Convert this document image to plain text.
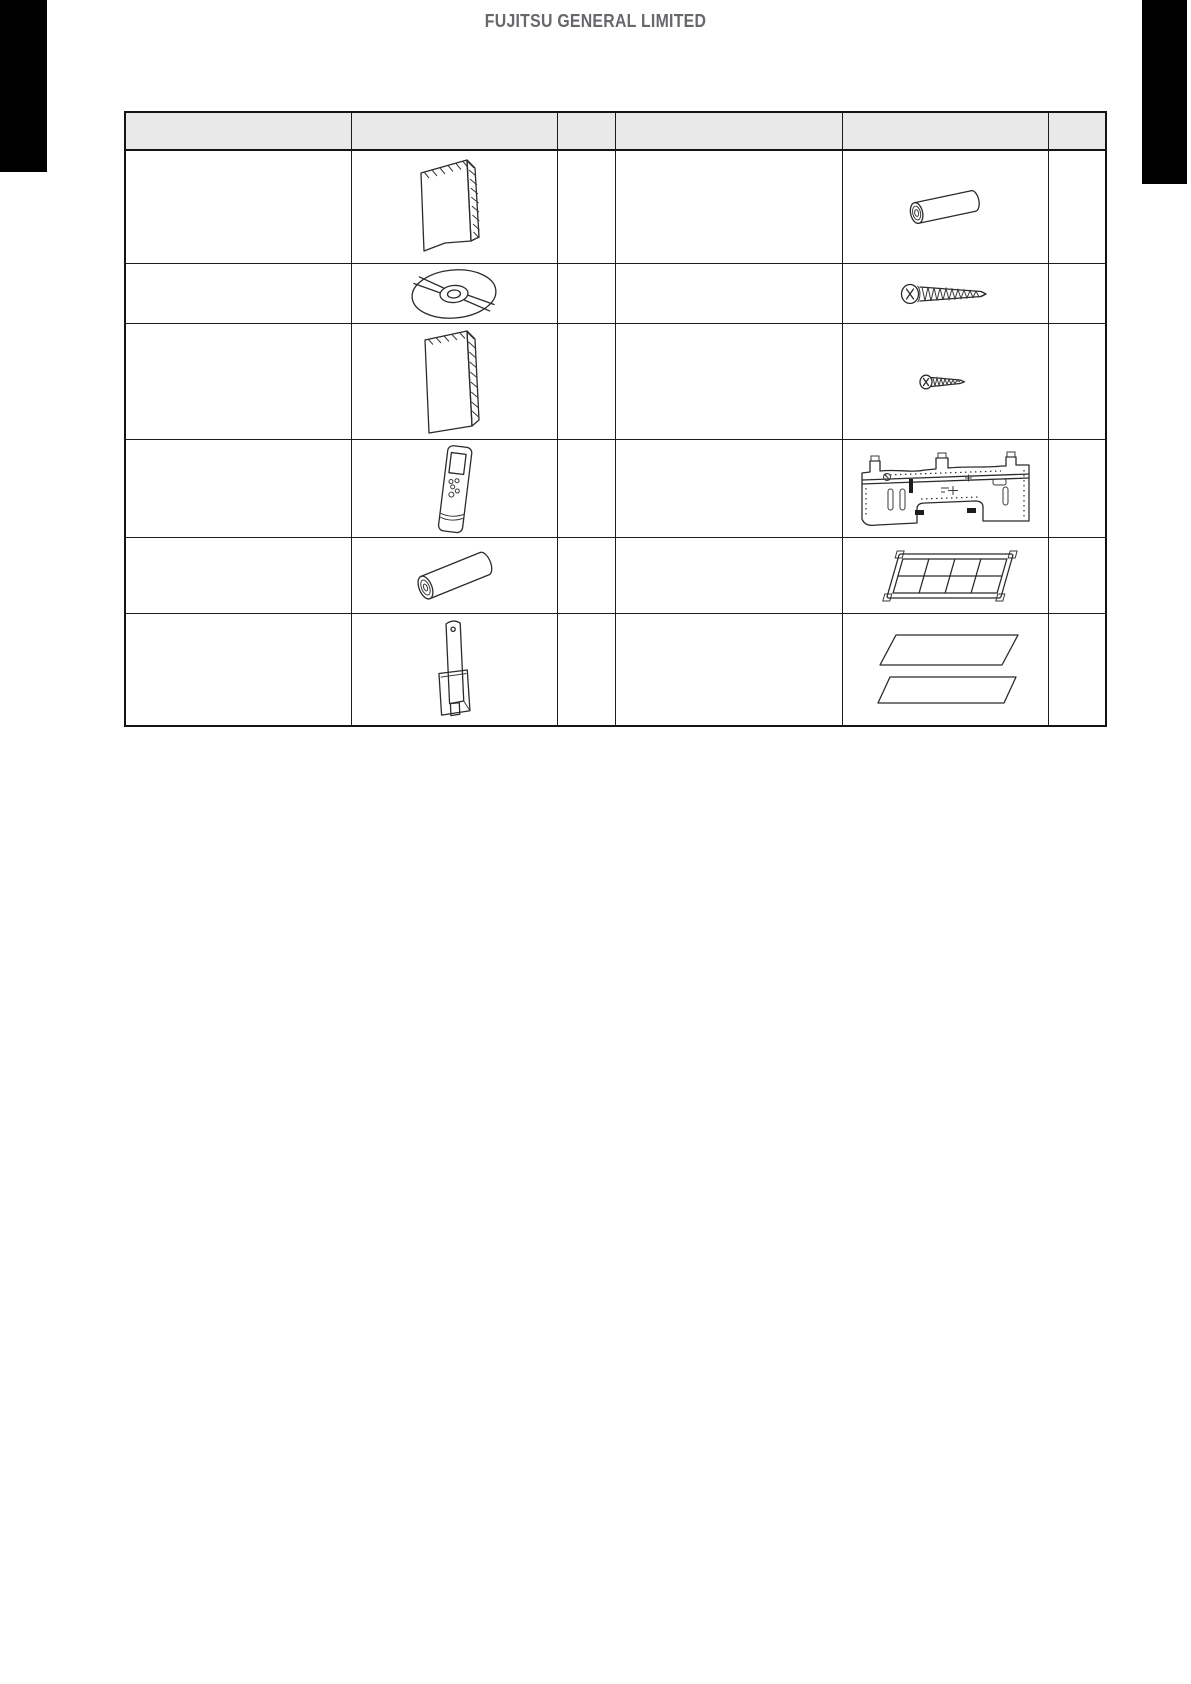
FUJITSU GENERAL LIMITED
